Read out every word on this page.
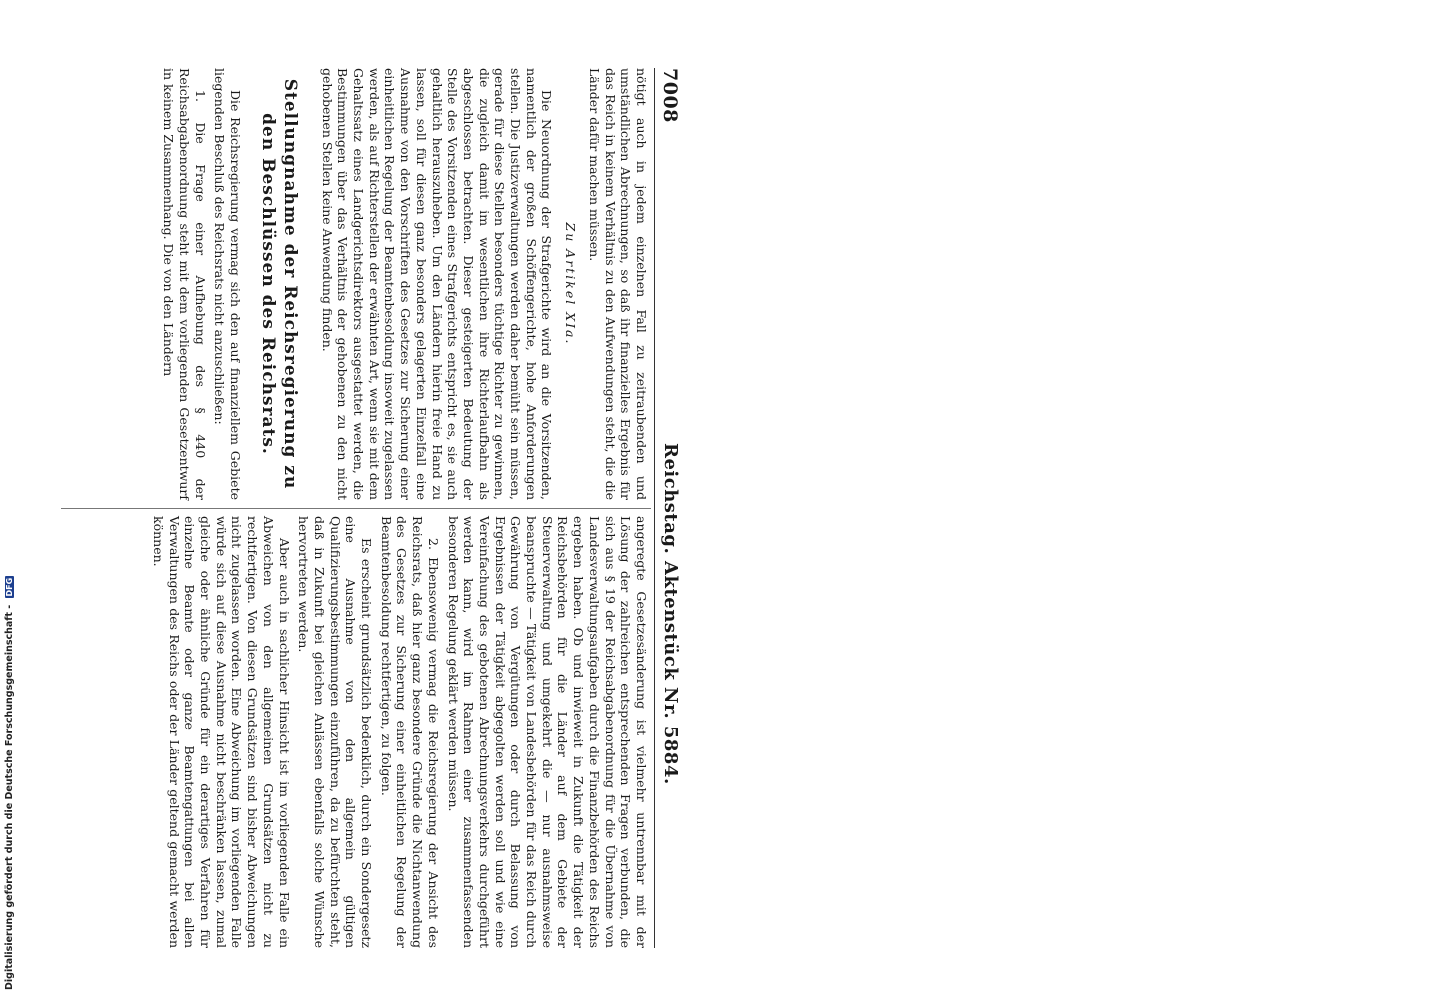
7008
Reichstag. Aktenstück Nr. 5884.

nötigt auch in jedem einzelnen Fall zu zeitraubenden und umständlichen Abrechnungen, so daß ihr finanzielles Ergebnis für das Reich in keinem Verhältnis zu den Aufwendungen steht, die die Länder dafür machen müssen.

Zu Artikel XIa.

Die Neuordnung der Strafgerichte wird an die Vorsitzenden, namentlich der großen Schöffengerichte, hohe Anforderungen stellen. Die Justizverwaltungen werden daher bemüht sein müssen, gerade für diese Stellen besonders tüchtige Richter zu gewinnen, die zugleich damit im wesentlichen ihre Richterlaufbahn als abgeschlossen betrachten. Dieser gesteigerten Bedeutung der Stelle des Vorsitzenden eines Strafgerichts entspricht es, sie auch gehaltlich herauszuheben. Um den Ländern hierin freie Hand zu lassen, soll für diesen ganz besonders gelagerten Einzelfall eine Ausnahme von den Vorschriften des Gesetzes zur Sicherung einer einheitlichen Regelung der Beamtenbesoldung insoweit zugelassen werden, als auf Richterstellen der erwähnten Art, wenn sie mit dem Gehaltssatz eines Landgerichtsdirektors ausgestattet werden, die Bestimmungen über das Verhältnis der gehobenen zu den nicht gehobenen Stellen keine Anwendung finden.

Stellungnahme der Reichsregierung zu den Beschlüssen des Reichsrats.

Die Reichsregierung vermag sich den auf finanziellem Gebiete liegenden Beschluß des Reichsrats nicht anzuschließen:

1. Die Frage einer Aufhebung des § 440 der Reichsabgabenordnung steht mit dem vorliegenden Gesetzentwurf in keinem Zusammenhang. Die von den Ländern

angeregte Gesetzesänderung ist vielmehr untrennbar mit der Lösung der zahlreichen entsprechenden Fragen verbunden, die sich aus § 19 der Reichsabgabenordnung für die Übernahme von Landesverwaltungsaufgaben durch die Finanzbehörden des Reichs ergeben haben. Ob und inwieweit in Zukunft die Tätigkeit der Reichsbehörden für die Länder auf dem Gebiete der Steuerverwaltung und umgekehrt die — nur ausnahmsweise beanspruchte — Tätigkeit von Landesbehörden für das Reich durch Gewährung von Vergütungen oder durch Belassung von Ergebnissen der Tätigkeit abgegolten werden soll und wie eine Vereinfachung des gebotenen Abrechnungsverkehrs durchgeführt werden kann, wird im Rahmen einer zusammenfassenden besonderen Regelung geklärt werden müssen.

2. Ebensowenig vermag die Reichsregierung der Ansicht des Reichsrats, daß hier ganz besondere Gründe die Nichtanwendung des Gesetzes zur Sicherung einer einheitlichen Regelung der Beamtenbesoldung rechtfertigen, zu folgen.

Es erscheint grundsätzlich bedenklich, durch ein Sondergesetz eine Ausnahme von den allgemein gültigen Qualifizierungsbestimmungen einzuführen, da zu befürchten steht, daß in Zukunft bei gleichen Anlässen ebenfalls solche Wünsche hervortreten werden.

Aber auch in sachlicher Hinsicht ist im vorliegenden Falle ein Abweichen von den allgemeinen Grundsätzen nicht zu rechtfertigen. Von diesen Grundsätzen sind bisher Abweichungen nicht zugelassen worden. Eine Abweichung im vorliegenden Falle würde sich auf diese Ausnahme nicht beschränken lassen, zumal gleiche oder ähnliche Gründe für ein derartiges Verfahren für einzelne Beamte oder ganze Beamtengattungen bei allen Verwaltungen des Reichs oder der Länder geltend gemacht werden können.

Digitalisierung gefördert durch die Deutsche Forschungsgemeinschaft - DFG
